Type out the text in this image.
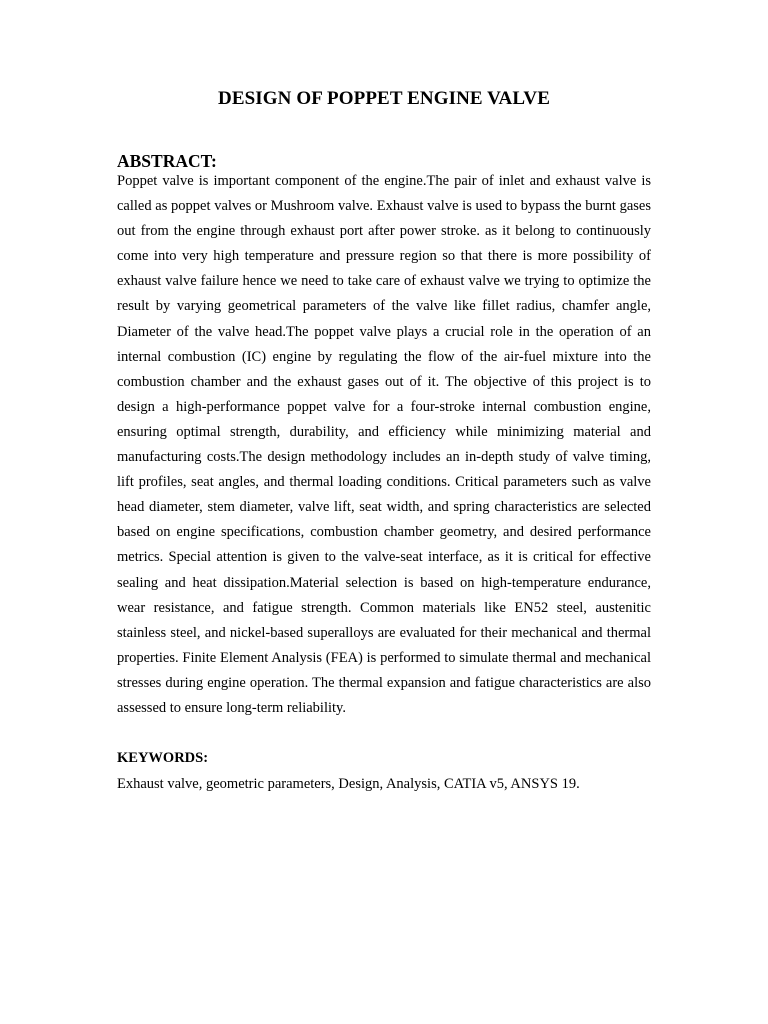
DESIGN OF POPPET ENGINE VALVE
ABSTRACT:

Poppet valve is important component of the engine.The pair of inlet and exhaust valve is called as poppet valves or Mushroom valve. Exhaust valve is used to bypass the burnt gases out from the engine through exhaust port after power stroke. as it belong to continuously come into very high temperature and pressure region so that there is more possibility of exhaust valve failure hence we need to take care of exhaust valve we trying to optimize the result by varying geometrical parameters of the valve like fillet radius, chamfer angle, Diameter of the valve head.The poppet valve plays a crucial role in the operation of an internal combustion (IC) engine by regulating the flow of the air-fuel mixture into the combustion chamber and the exhaust gases out of it. The objective of this project is to design a high-performance poppet valve for a four-stroke internal combustion engine, ensuring optimal strength, durability, and efficiency while minimizing material and manufacturing costs.The design methodology includes an in-depth study of valve timing, lift profiles, seat angles, and thermal loading conditions. Critical parameters such as valve head diameter, stem diameter, valve lift, seat width, and spring characteristics are selected based on engine specifications, combustion chamber geometry, and desired performance metrics. Special attention is given to the valve-seat interface, as it is critical for effective sealing and heat dissipation.Material selection is based on high-temperature endurance, wear resistance, and fatigue strength. Common materials like EN52 steel, austenitic stainless steel, and nickel-based superalloys are evaluated for their mechanical and thermal properties. Finite Element Analysis (FEA) is performed to simulate thermal and mechanical stresses during engine operation. The thermal expansion and fatigue characteristics are also assessed to ensure long-term reliability.

KEYWORDS:

Exhaust valve, geometric parameters, Design, Analysis, CATIA v5, ANSYS 19.
